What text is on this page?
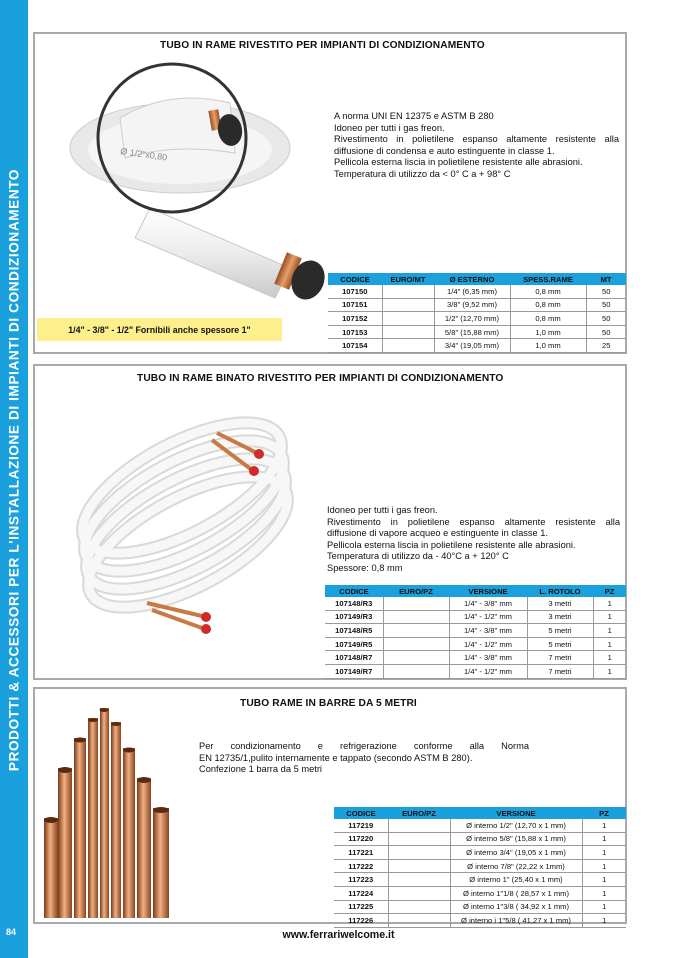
PRODOTTI & ACCESSORI PER L'INSTALLAZIONE DI IMPIANTI DI CONDIZIONAMENTO
84
TUBO IN RAME RIVESTITO PER IMPIANTI DI CONDIZIONAMENTO
Ø 1/2"x0,80
A norma UNI EN 12375 e ASTM B 280
Idoneo per tutti i gas freon.
Rivestimento in polietilene espanso altamente resistente alla
diffusione di condensa e auto estinguente in classe 1.
Pellicola esterna liscia in polietilene resistente alle abrasioni.
Temperatura di utilizzo da < 0° C a + 98° C
1/4" - 3/8" - 1/2" Fornibili anche spessore 1"
CODICE	EURO/MT	Ø ESTERNO	SPESS.RAME	MT
107150		1/4" (6,35 mm)	0,8 mm	50
107151		3/8" (9,52 mm)	0,8 mm	50
107152		1/2" (12,70 mm)	0,8 mm	50
107153		5/8" (15,88 mm)	1,0 mm	50
107154		3/4" (19,05 mm)	1,0 mm	25
TUBO IN RAME BINATO RIVESTITO PER IMPIANTI DI CONDIZIONAMENTO
Idoneo per tutti i gas freon.
Rivestimento in polietilene espanso altamente resistente alla
diffusione di vapore acqueo e estinguente in classe 1.
Pellicola esterna liscia in polietilene resistente alle abrasioni.
Temperatura di utilizzo da - 40°C a + 120° C
Spessore: 0,8 mm
CODICE	EURO/PZ	VERSIONE	L. ROTOLO	PZ
107148/R3		1/4" - 3/8" mm	3 metri	1
107149/R3		1/4" - 1/2" mm	3 metri	1
107148/R5		1/4" - 3/8" mm	5 metri	1
107149/R5		1/4" - 1/2" mm	5 metri	1
107148/R7		1/4" - 3/8" mm	7 metri	1
107149/R7		1/4" - 1/2" mm	7 metri	1
TUBO RAME IN BARRE DA 5 METRI
Per condizionamento e refrigerazione conforme alla Norma
EN 12735/1,pulito internamente e tappato (secondo ASTM B 280).
Confezione 1 barra da 5 metri
CODICE	EURO/PZ	VERSIONE	PZ
117219		Ø interno 1/2" (12,70 x 1 mm)	1
117220		Ø interno 5/8" (15,88 x 1 mm)	1
117221		Ø interno 3/4" (19,05 x 1 mm)	1
117222		Ø interno 7/8" (22,22 x 1mm)	1
117223		Ø interno 1" (25,40 x 1 mm)	1
117224		Ø interno 1"1/8 ( 28,57 x 1 mm)	1
117225		Ø interno 1"3/8 ( 34,92 x 1 mm)	1
117226		Ø interno i 1"5/8 ( 41,27 x 1 mm)	1
www.ferrariwelcome.it
